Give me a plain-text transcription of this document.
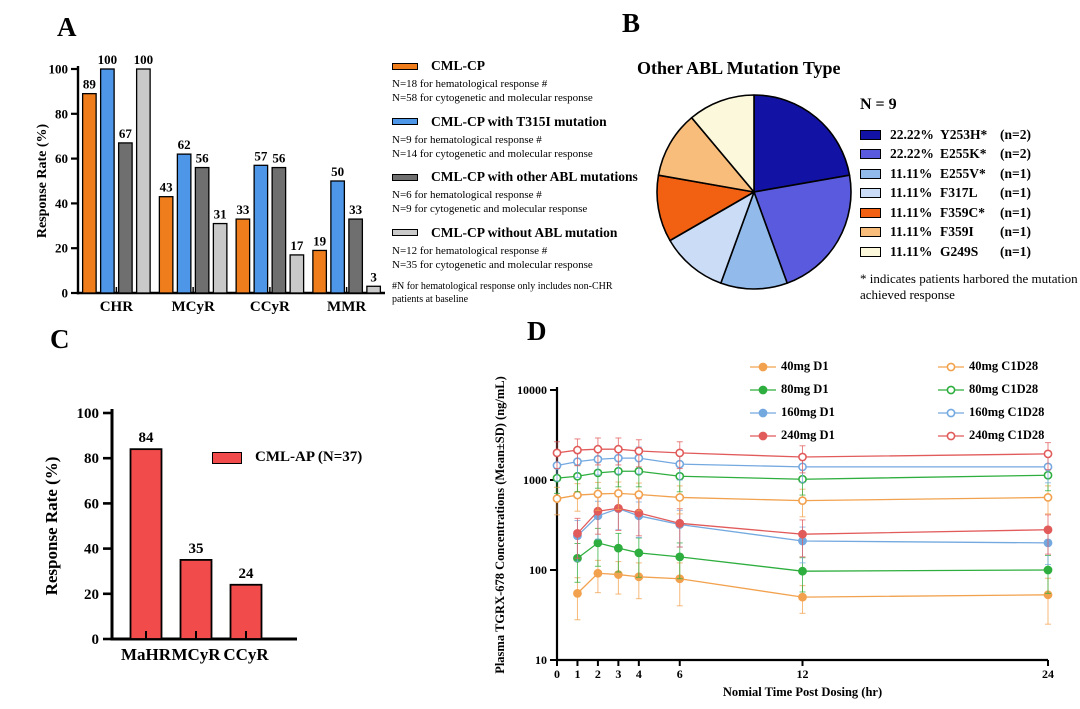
A
0
20
40
60
80
100
Response Rate (%)
89
100
67
100
CHR
43
62
56
31
MCyR
33
57 56
17
CCyR
19
50
33
3
MMR
CML-CP
N=18 for hematological response #
N=58 for cytogenetic and molecular response
CML-CP with T315I mutation
N=9 for hematological response #
N=14 for cytogenetic and molecular response
CML-CP with other ABL mutations
N=6 for hematological response #
N=9 for cytogenetic and molecular response
CML-CP without ABL mutation
N=12 for hematological response #
N=35 for cytogenetic and molecular response
#N for hematological response only includes non-CHR patients at baseline
B
Other ABL Mutation Type
N = 9
22.22% Y253H* (n=2)
22.22% E255K* (n=2)
11.11% E255V*	(n=1)
11.11% F317L	(n=1)
11.11% F359C*	(n=1)
11.11% F359I	(n=1)
11.11% G249S	(n=1)
* indicates patients harbored the mutation achieved response
C
0
20
40
60
80
100
Response Rate (%)
84
MaHR
35
MCyR
24
CCyR
CML-AP (N=37)
D
10
100
1000
10000
0 1 2 3 4	6	12	24
Nomial Time Post Dosing (hr)
Plasma TGRX-678 Concentrations (Mean±SD) (ng/mL)
40mg D1
80mg D1
160mg D1
240mg D1
40mg C1D28
80mg C1D28
160mg C1D28
240mg C1D28
